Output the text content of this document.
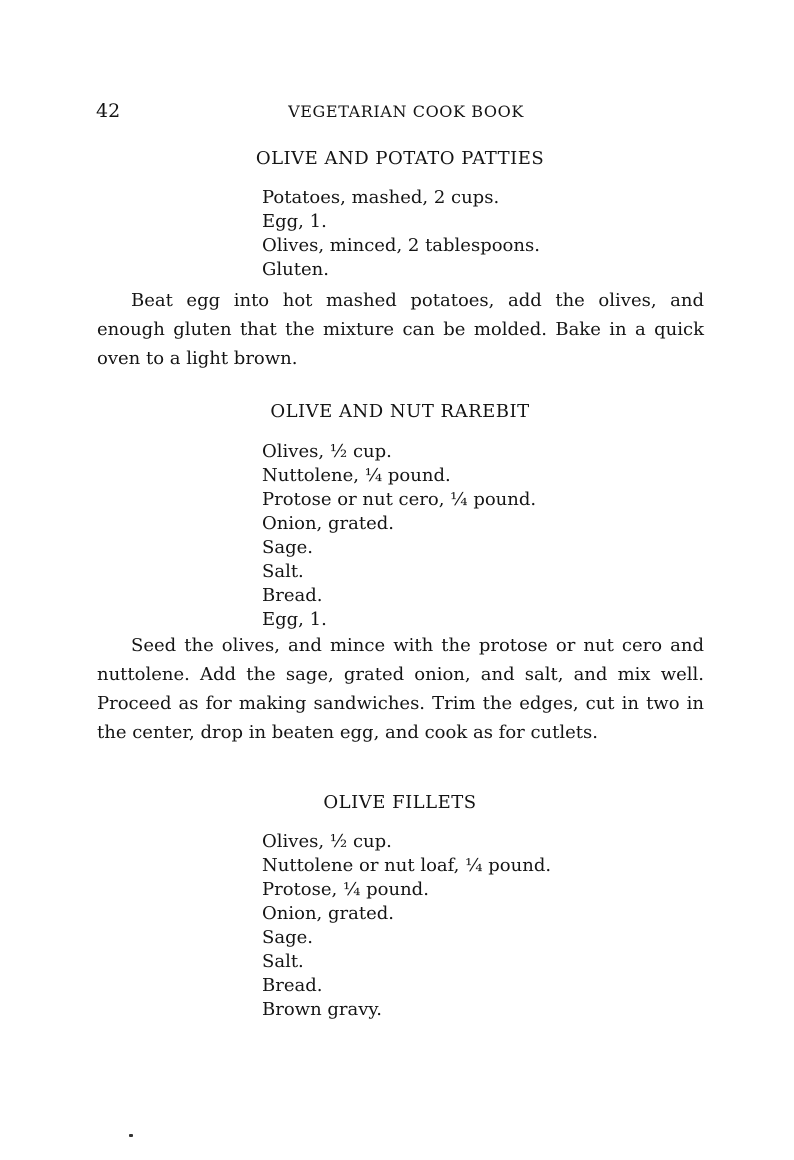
42	VEGETARIAN COOK BOOK
OLIVE AND POTATO PATTIES
Potatoes, mashed, 2 cups.
Egg, 1.
Olives, minced, 2 tablespoons.
Gluten.

Beat egg into hot mashed potatoes, add the olives, and enough gluten that the mixture can be molded. Bake in a quick oven to a light brown.

OLIVE AND NUT RAREBIT
Olives, ½ cup.
Nuttolene, ¼ pound.
Protose or nut cero, ¼ pound.
Onion, grated.
Sage.
Salt.
Bread.
Egg, 1.

Seed the olives, and mince with the protose or nut cero and nuttolene. Add the sage, grated onion, and salt, and mix well. Proceed as for making sandwiches. Trim the edges, cut in two in the center, drop in beaten egg, and cook as for cutlets.

OLIVE FILLETS
Olives, ½ cup.
Nuttolene or nut loaf, ¼ pound.
Protose, ¼ pound.
Onion, grated.
Sage.
Salt.
Bread.
Brown gravy.
